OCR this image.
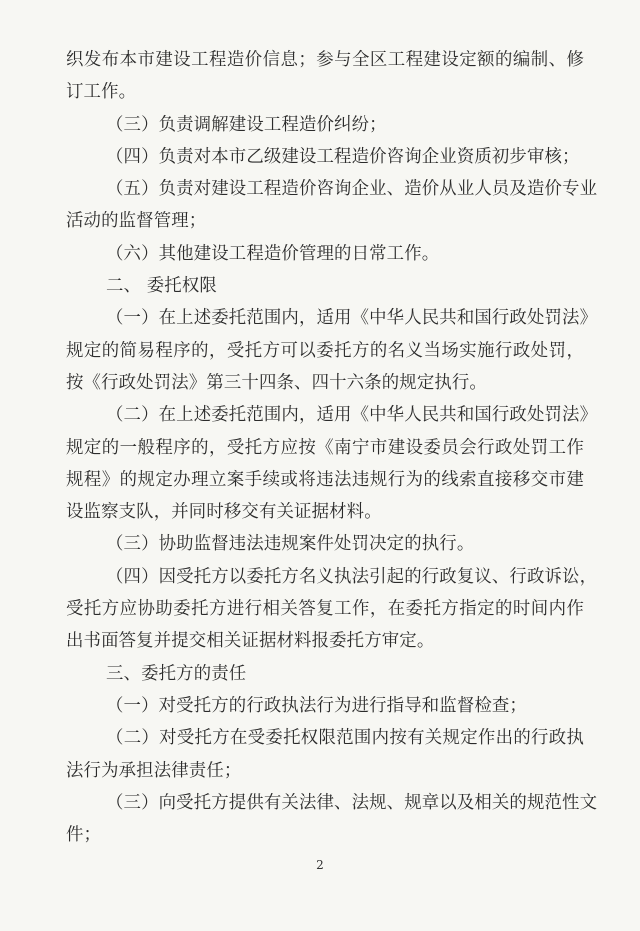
织发布本市建设工程造价信息；参与全区工程建设定额的编制、修
订工作。
（三）负责调解建设工程造价纠纷；
（四）负责对本市乙级建设工程造价咨询企业资质初步审核；
（五）负责对建设工程造价咨询企业、造价从业人员及造价专业
活动的监督管理；
（六）其他建设工程造价管理的日常工作。
二、 委托权限
（一）在上述委托范围内，适用《中华人民共和国行政处罚法》
规定的简易程序的，受托方可以委托方的名义当场实施行政处罚，
按《行政处罚法》第三十四条、四十六条的规定执行。
（二）在上述委托范围内，适用《中华人民共和国行政处罚法》
规定的一般程序的，受托方应按《南宁市建设委员会行政处罚工作
规程》的规定办理立案手续或将违法违规行为的线索直接移交市建
设监察支队，并同时移交有关证据材料。
（三）协助监督违法违规案件处罚决定的执行。
（四）因受托方以委托方名义执法引起的行政复议、行政诉讼，
受托方应协助委托方进行相关答复工作，在委托方指定的时间内作
出书面答复并提交相关证据材料报委托方审定。
三、委托方的责任
（一）对受托方的行政执法行为进行指导和监督检查；
（二）对受托方在受委托权限范围内按有关规定作出的行政执
法行为承担法律责任；
（三）向受托方提供有关法律、法规、规章以及相关的规范性文
件；
2
